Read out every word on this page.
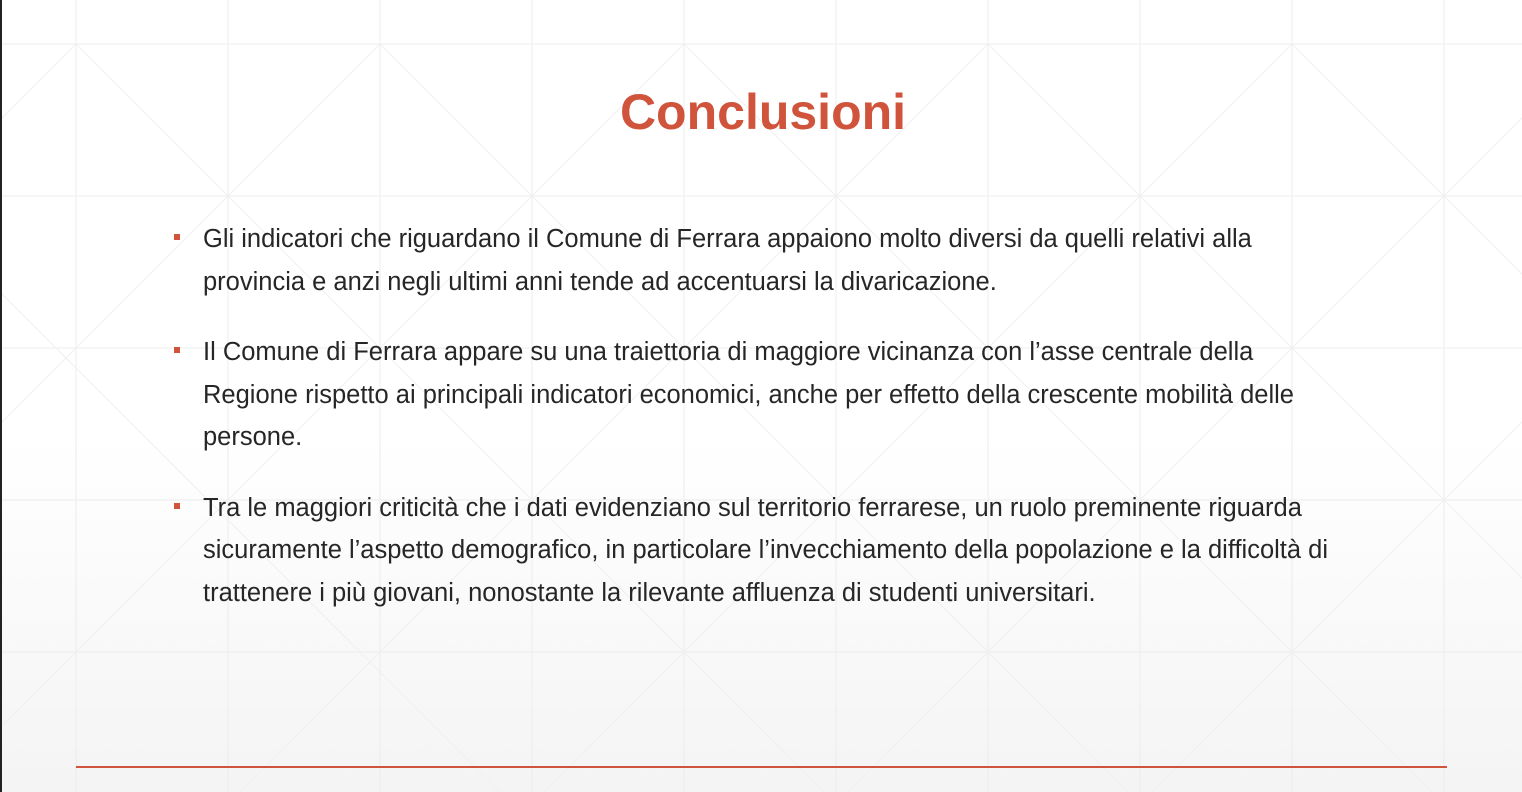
Conclusioni
Gli indicatori che riguardano il Comune di Ferrara appaiono molto diversi da quelli relativi alla provincia e anzi negli ultimi anni tende ad accentuarsi la divaricazione.
Il Comune di Ferrara appare su una traiettoria di maggiore vicinanza con l’asse centrale della Regione rispetto ai principali indicatori economici, anche per effetto della crescente mobilità delle persone.
Tra le maggiori criticità che i dati evidenziano sul territorio ferrarese, un ruolo preminente riguarda sicuramente l’aspetto demografico, in particolare l’invecchiamento della popolazione e la difficoltà di trattenere i più giovani, nonostante la rilevante affluenza di studenti universitari.
